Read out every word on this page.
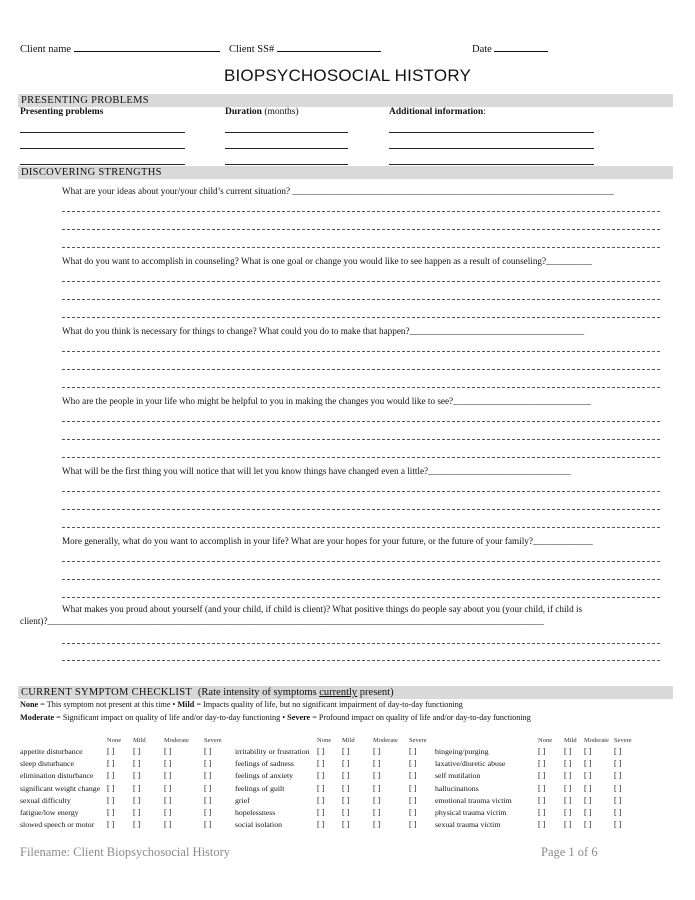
Client name	Client SS#	Date
BIOPSYCHOSOCIAL HISTORY
PRESENTING PROBLEMS
Presenting problems	Duration (months)	Additional information:
DISCOVERING STRENGTHS
What are your ideas about your/your child’s current situation? ______________________________________________________________________
What do you want to accomplish in counseling? What is one goal or change you would like to see happen as a result of counseling?__________
What do you think is necessary for things to change? What could you do to make that happen?______________________________________
Who are the people in your life who might be helpful to you in making the changes you would like to see?______________________________
What will be the first thing you will notice that will let you know things have changed even a little?_______________________________
More generally, what do you want to accomplish in your life? What are your hopes for your future, or the future of your family?_____________
What makes you proud about yourself (and your child, if child is client)? What positive things do people say about you (your child, if child is
client)?____________________________________________________________________________________________________________
CURRENT SYMPTOM CHECKLIST (Rate intensity of symptoms currently present)
None = This symptom not present at this time • Mild = Impacts quality of life, but no significant impairment of day-to-day functioning
Moderate = Significant impact on quality of life and/or day-to-day functioning • Severe = Profound impact on quality of life and/or day-to-day functioning
None Mild	Moderate Severe
appetite disturbance	[ ] [ ]	[ ]	[ ]
sleep disturbance	[ ] [ ]	[ ]	[ ]
elimination disturbance [ ] [ ]	[ ]	[ ]
significant weight change [ ] [ ]	[ ]	[ ]
sexual difficulty	[ ] [ ]	[ ]	[ ]
fatigue/low energy	[ ] [ ]	[ ]	[ ]
slowed speech or motor [ ] [ ]	[ ]	[ ]
None Mild	Moderate Severe
irritability or frustration [ ] [ ]	[ ]	[ ]
feelings of sadness	[ ] [ ]	[ ]	[ ]
feelings of anxiety	[ ] [ ]	[ ]	[ ]
feelings of guilt	[ ] [ ]	[ ]	[ ]
grief	[ ] [ ]	[ ]	[ ]
hopelessness	[ ] [ ]	[ ]	[ ]
social isolation	[ ] [ ]	[ ]	[ ]
None Mild Moderate Severe
bingeing/purging	[ ] [ ] [ ]	[ ]
laxative/diuretic abuse	[ ] [ ] [ ]	[ ]
self mutilation	[ ] [ ] [ ]	[ ]
hallucinations	[ ] [ ] [ ]	[ ]
emotional trauma victim	[ ] [ ] [ ]	[ ]
physical trauma victim	[ ] [ ] [ ]	[ ]
sexual trauma victim	[ ] [ ] [ ]	[ ]
Filename: Client Biopsychosocial History	Page 1 of 6
